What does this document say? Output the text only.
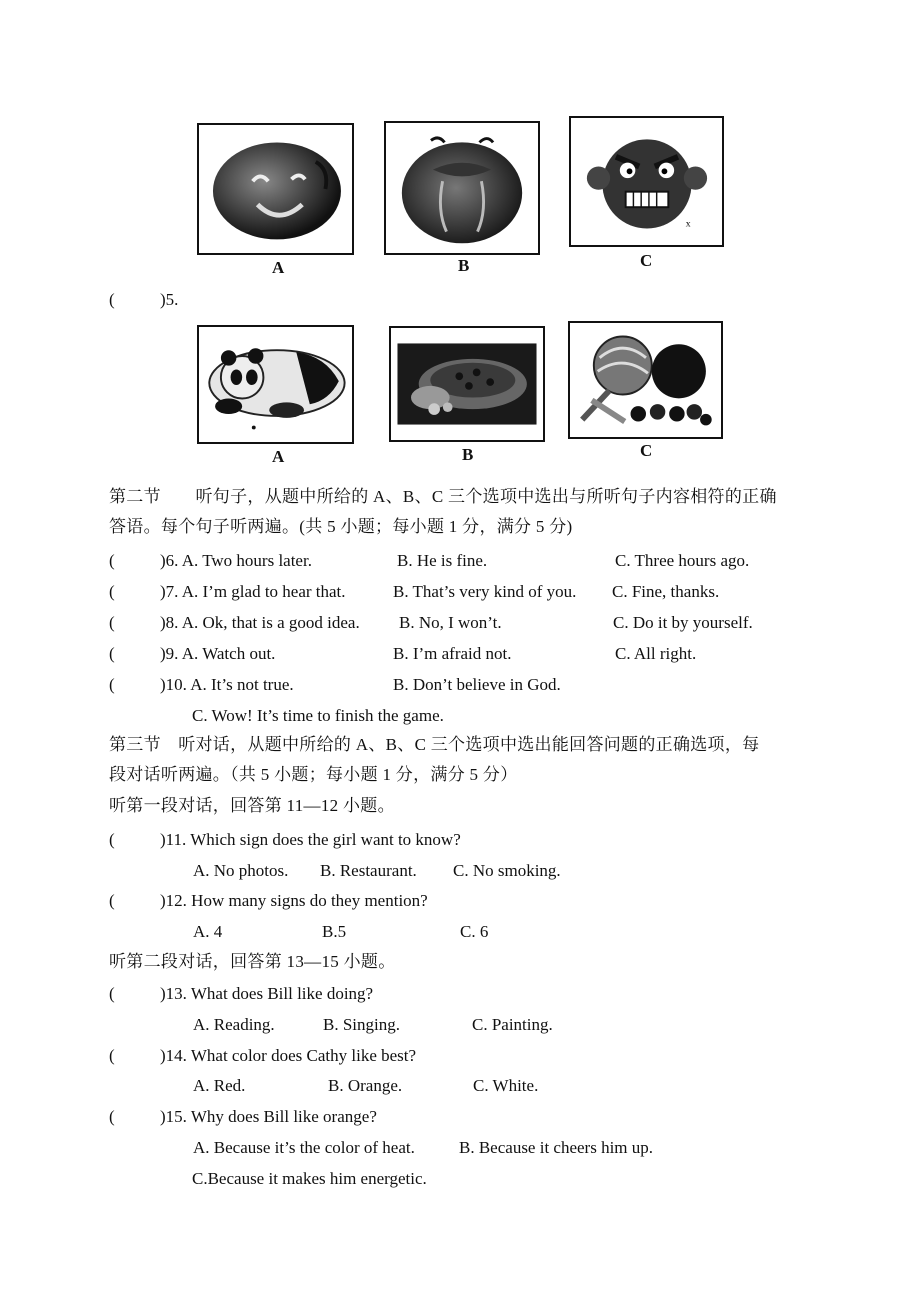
A	B
x
C
(	)5.
A	B	C
第二节　　听句子，从题中所给的 A、B、C 三个选项中选出与所听句子内容相符的正确
答语。每个句子听两遍。(共 5 小题；每小题 1 分，满分 5 分)
(	)6. A. Two hours later.	B. He is fine.	C. Three hours ago.
(	)7. A. I’m glad to hear that.	B. That’s very kind of you. C. Fine, thanks.
(	)8. A. Ok, that is a good idea. B. No, I won’t.	C. Do it by yourself.
(	)9. A. Watch out.	B. I’m afraid not.	C. All right.
(	)10. A. It’s not true.	B. Don’t believe in God.
C. Wow! It’s time to finish the game.
第三节　听对话，从题中所给的 A、B、C 三个选项中选出能回答问题的正确选项，每
段对话听两遍。（共 5 小题；每小题 1 分，满分 5 分）
听第一段对话，回答第 11—12 小题。
(	)11. Which sign does the girl want to know?
A. No photos. B. Restaurant. C. No smoking.
(	)12. How many signs do they mention?
A. 4	B.5	C. 6
听第二段对话，回答第 13—15 小题。
(	)13. What does Bill like doing?
A. Reading.	B. Singing.	C. Painting.
(	)14. What color does Cathy like best?
A. Red.	B. Orange.	C. White.
(	)15. Why does Bill like orange?
A. Because it’s the color of heat.	B. Because it cheers him up.
C.Because it makes him energetic.
